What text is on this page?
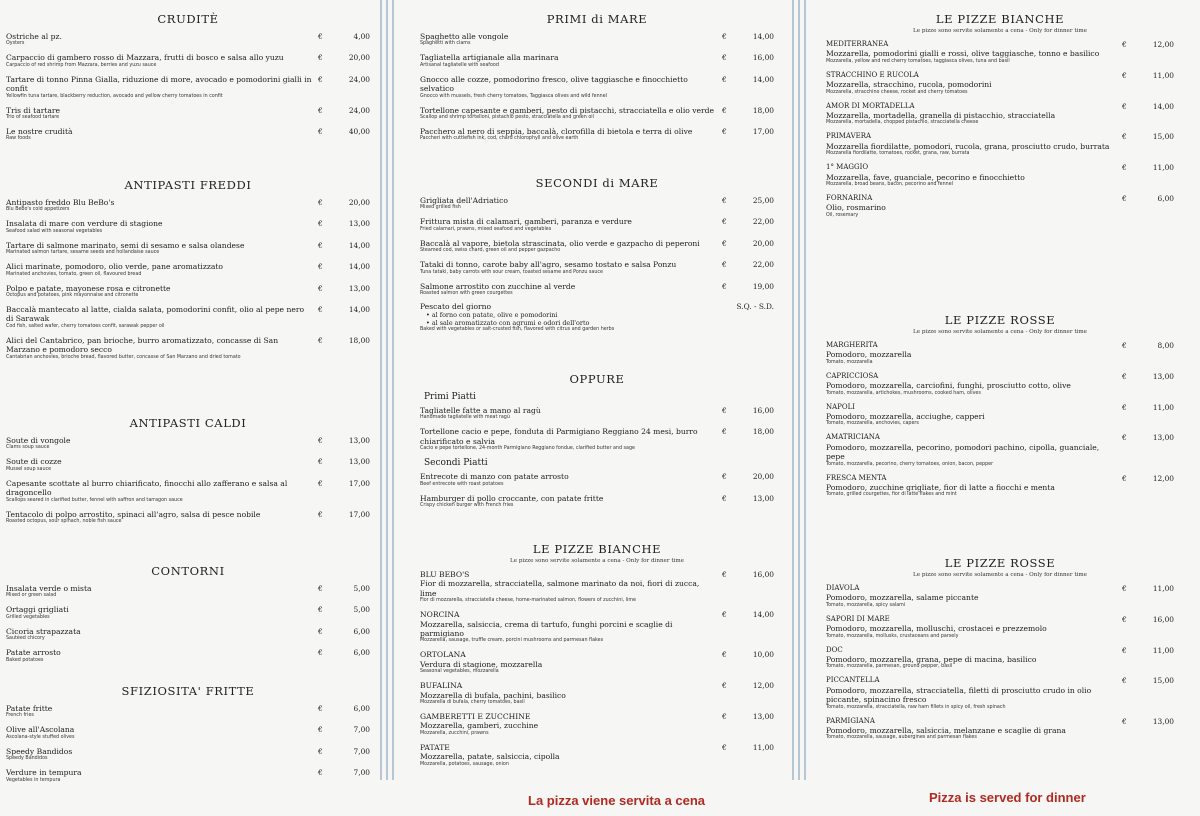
CRUDITÈ
Ostriche al pz.
Oysters
€	4,00
Carpaccio di gambero rosso di Mazzara, frutti di bosco e salsa allo yuzu
Carpaccio of red shrimp from Mazzara, berries and yuzu sauce
€	20,00
Tartare di tonno Pinna Gialla, riduzione di more, avocado e pomodorini gialli in confit
Yellowfin tuna tartare, blackberry reduction, avocado and yellow cherry tomatoes in confit
€	24,00
Tris di tartare
Trio of seafood tartare
€	24,00
Le nostre crudità
Raw foods
€	40,00
ANTIPASTI FREDDI
Antipasto freddo Blu BeBo's
Blu Bebo's cold appetizers
€	20,00
Insalata di mare con verdure di stagione
Seafood salad with seasonal vegetables
€	13,00
Tartare di salmone marinato, semi di sesamo e salsa olandese
Marinated salmon tartare, sesame seeds and hollandaise sauce
€	14,00
Alici marinate, pomodoro, olio verde, pane aromatizzato
Marinated anchovies, tomato, green oil, flavoured bread
€	14,00
Polpo e patate, mayonese rosa e citronette
Octopus and potatoes, pink mayonnaise and citronette
€	13,00
Baccalà mantecato al latte, cialda salata, pomodorini confit, olio al pepe nero di Sarawak
Cod fish, salted wafer, cherry tomatoes confit, sarawak pepper oil
€	14,00
Alici del Cantabrico, pan brioche, burro aromatizzato, concasse di San Marzano e pomodoro secco
Cantabrian anchovies, brioche bread, flavored butter, concasse of San Marzano and dried tomato
€	18,00
ANTIPASTI CALDI
Soute di vongole
Clams soup sauce
€	13,00
Soute di cozze
Mussel soup sauce
€	13,00
Capesante scottate al burro chiarificato, finocchi allo zafferano e salsa al dragoncello
Scallops seared in clarified butter, fennel with saffron and tarragon sauce
€	17,00
Tentacolo di polpo arrostito, spinaci all'agro, salsa di pesce nobile
Roasted octopus, sour spinach, noble fish sauce
€	17,00
CONTORNI
Insalata verde o mista
Mixed or green salad
€	5,00
Ortaggi grigliati
Grilled vegetables
€	5,00
Cicoria strapazzata
Sautéed chicory
€	6,00
Patate arrosto
Baked potatoes
€	6,00
SFIZIOSITA' FRITTE
Patate fritte
French fries
€	6,00
Olive all'Ascolana
Ascolana-style stuffed olives
€	7,00
Speedy Bandidos
Speedy Bandidos
€	7,00
Verdure in tempura
Vegetables in tempura
€	7,00
PRIMI di MARE
Spaghetto alle vongole
Spaghetti with clams
€	14,00
Tagliatella artigianale alla marinara
Artisanal tagliatelle with seafood
€	16,00
Gnocco alle cozze, pomodorino fresco, olive taggiasche e finocchietto selvatico
Gnocco with mussels, fresh cherry tomatoes, Taggiasca olives and wild fennel
€	14,00
Tortellone capesante e gamberi, pesto di pistacchi, stracciatella e olio verde
Scallop and shrimp tortelloni, pistachio pesto, stracciatella and green oil
€	18,00
Pacchero al nero di seppia, baccalà, clorofilla di bietola e terra di olive
Paccheri with cuttlefish ink, cod, chard chlorophyll and olive earth
€	17,00
SECONDI di MARE
Grigliata dell'Adriatico
Mixed grilled fish
€	25,00
Frittura mista di calamari, gamberi, paranza e verdure
Fried calamari, prawns, mixed seafood and vegetables
€	22,00
Baccalà al vapore, bietola strascinata, olio verde e gazpacho di peperoni
Steamed cod, swiss chard, green oil and pepper gazpacho
€	20,00
Tataki di tonno, carote baby all'agro, sesamo tostato e salsa Ponzu
Tuna tataki, baby carrots with sour cream, toasted sesame and Ponzu sauce
€	22,00
Salmone arrostito con zucchine al verde
Roasted salmon with green courgettes
€	19,00
Pescato del giorno
• al forno con patate, olive e pomodorini
• al sale aromatizzato con agrumi e odori dell'orto
Baked with vegetables or salt-crusted fish, flavored with citrus and garden herbs
S.Q. - S.D.
OPPURE
Primi Piatti
Tagliatelle fatte a mano al ragù
Handmade tagliatelle with meat ragù
€	16,00
Tortellone cacio e pepe, fonduta di Parmigiano Reggiano 24 mesi, burro chiarificato e salvia
Cacio e pepe tortellone, 24-month Parmigiano Reggiano fondue, clarified butter and sage
€	18,00
Secondi Piatti
Entrecote di manzo con patate arrosto
Beef entrecote with roast potatoes
€	20,00
Hamburger di pollo croccante, con patate fritte
Crispy chicken burger with French fries
€	13,00
LE PIZZE BIANCHE
Le pizze sono servite solamente a cena - Only for dinner time
BLU BEBO'S
Fior di mozzarella, stracciatella, salmone marinato da noi, fiori di zucca, lime
Fior di mozzarella, stracciatella cheese, home-marinated salmon, flowers of zucchini, lime
€	16,00
NORCINA
Mozzarella, salsiccia, crema di tartufo, funghi porcini e scaglie di parmigiano
Mozzarella, sausage, truffle cream, porcini mushrooms and parmesan flakes
€	14,00
ORTOLANA
Verdura di stagione, mozzarella
Seasonal vegetables, mozzarella
€	10,00
BUFALINA
Mozzarella di bufala, pachini, basilico
Mozzarella di bufala, cherry tomatoes, basil
€	12,00
GAMBERETTI E ZUCCHINE
Mozzarella, gamberi, zucchine
Mozzarella, zucchini, prawns
€	13,00
PATATE
Mozzarella, patate, salsiccia, cipolla
Mozzarella, potatoes, sausage, onion
€	11,00
LE PIZZE BIANCHE
Le pizze sono servite solamente a cena - Only for dinner time
MEDITERRANEA
Mozzarella, pomodorini gialli e rossi, olive taggiasche, tonno e basilico
Mozzarella, yellow and red cherry tomatoes, taggiasca olives, tuna and basil
€	12,00
STRACCHINO E RUCOLA
Mozzarella, stracchino, rucola, pomodorini
Mozzarella, stracchino cheese, rocket and cherry tomatoes
€	11,00
AMOR DI MORTADELLA
Mozzarella, mortadella, granella di pistacchio, stracciatella
Mozzarella, mortadella, chopped pistachio, stracciatella cheese
€	14,00
PRIMAVERA
Mozzarella fiordilatte, pomodori, rucola, grana, prosciutto crudo, burrata
Mozzarella fiordilatte, tomatoes, rocket, grana, raw, burrata
€	15,00
1° MAGGIO
Mozzarella, fave, guanciale, pecorino e finocchietto
Mozzarella, broad beans, bacon, pecorino and fennel
€	11,00
FORNARINA
Olio, rosmarino
Oil, rosemary
€	6,00
LE PIZZE ROSSE
Le pizze sono servite solamente a cena - Only for dinner time
MARGHERITA
Pomodoro, mozzarella
Tomato, mozzarella
€	8,00
CAPRICCIOSA
Pomodoro, mozzarella, carciofini, funghi, prosciutto cotto, olive
Tomato, mozzarella, artichokes, mushrooms, cooked ham, olives
€	13,00
NAPOLI
Pomodoro, mozzarella, acciughe, capperi
Tomato, mozzarella, anchovies, capers
€	11,00
AMATRICIANA
Pomodoro, mozzarella, pecorino, pomodori pachino, cipolla, guanciale, pepe
Tomato, mozzarella, pecorino, cherry tomatoes, onion, bacon, pepper
€	13,00
FRESCA MENTA
Pomodoro, zucchine grigliate, fior di latte a fiocchi e menta
Tomato, grilled courgettes, fior di latte flakes and mint
€	12,00
LE PIZZE ROSSE
Le pizze sono servite solamente a cena - Only for dinner time
DIAVOLA
Pomodoro, mozzarella, salame piccante
Tomato, mozzarella, spicy salami
€	11,00
SAPORI DI MARE
Pomodoro, mozzarella, molluschi, crostacei e prezzemolo
Tomato, mozzarella, mollusks, crustaceans and parsely
€	16,00
DOC
Pomodoro, mozzarella, grana, pepe di macina, basilico
Tomato, mozzarella, parmesan, ground pepper, basil
€	11,00
PICCANTELLA
Pomodoro, mozzarella, stracciatella, filetti di prosciutto crudo in olio piccante, spinacino fresco
Tomato, mozzarella, stracciatella, raw ham fillets in spicy oil, fresh spinach
€	15,00
PARMIGIANA
Pomodoro, mozzarella, salsiccia, melanzane e scaglie di grana
Tomato, mozzarella, sausage, aubergines and parmesan flakes
€	13,00
La pizza viene servita a cena	Pizza is served for dinner
